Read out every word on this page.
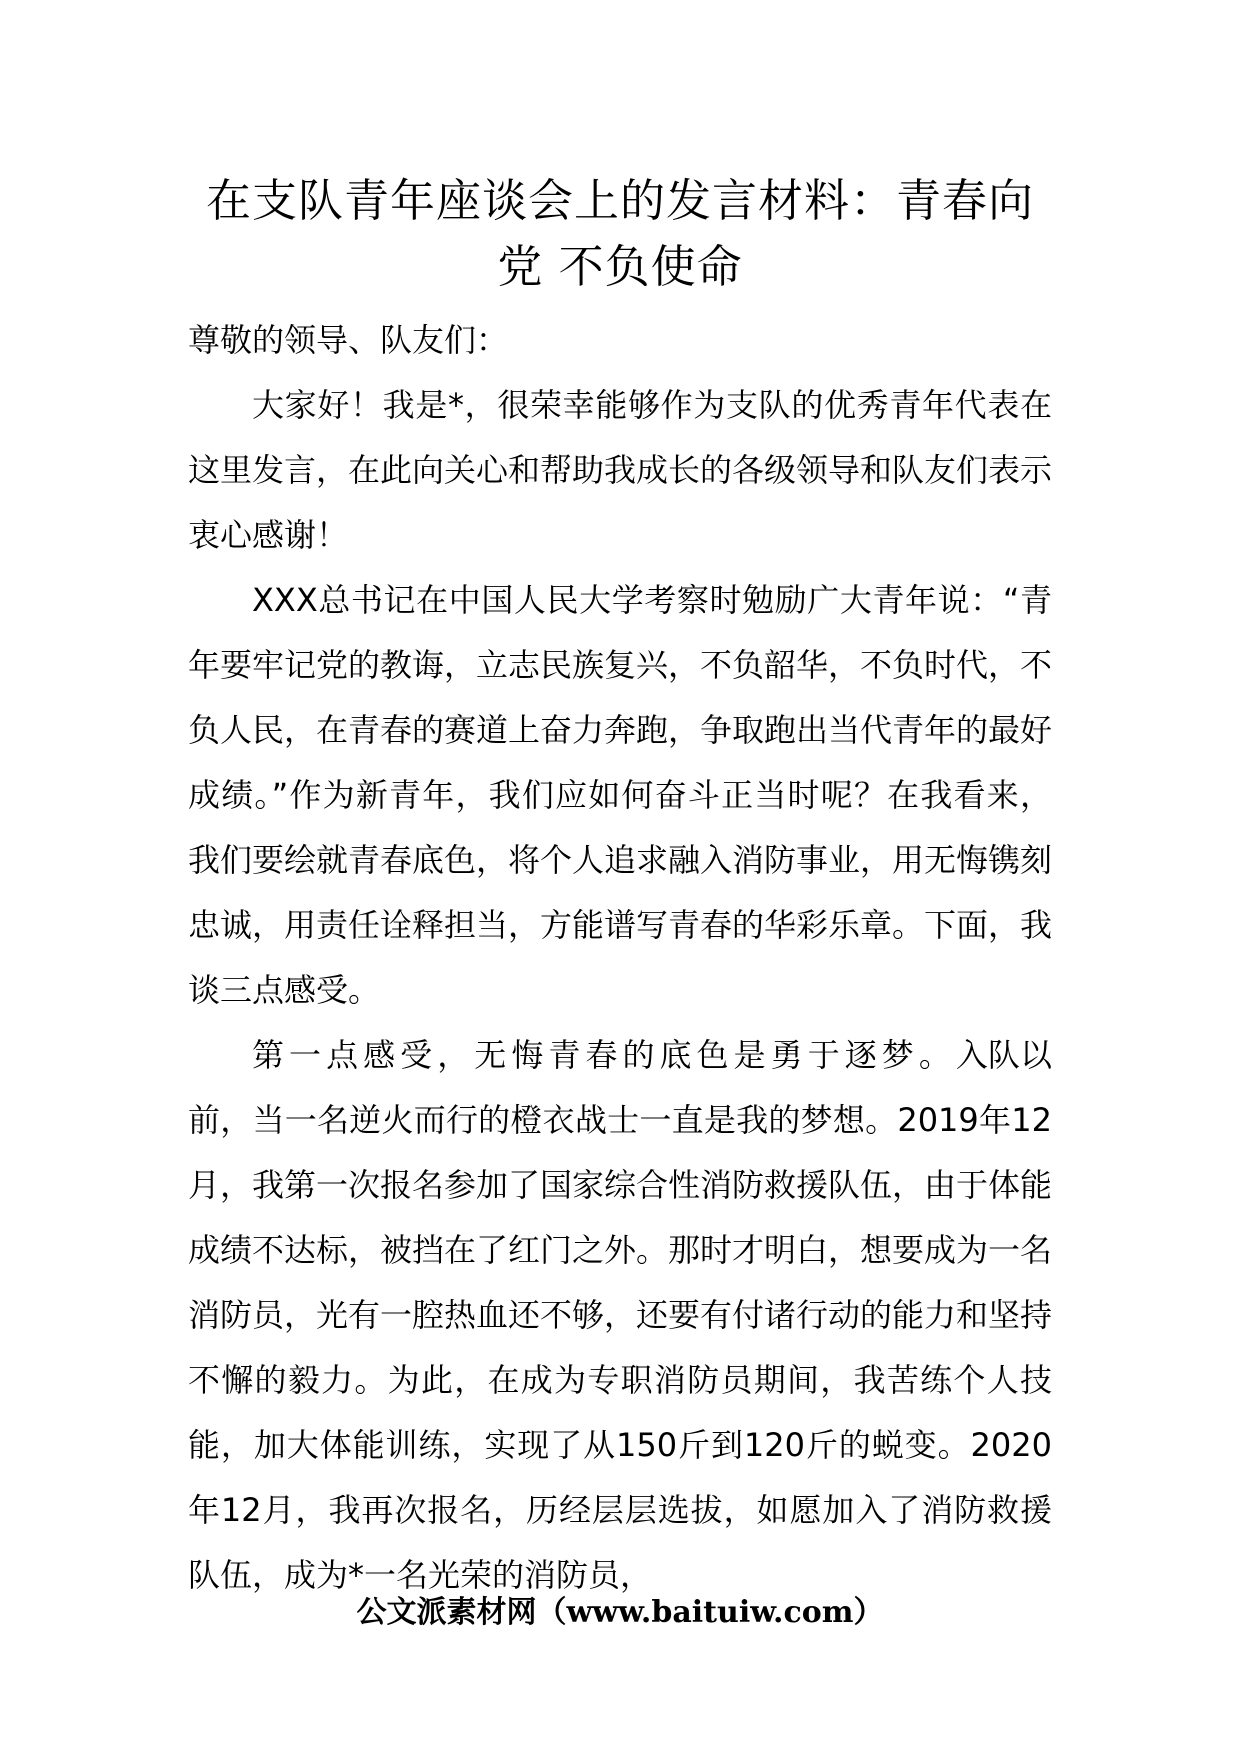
在支队青年座谈会上的发言材料：青春向党 不负使命

尊敬的领导、队友们：

大家好！我是*，很荣幸能够作为支队的优秀青年代表在这里发言，在此向关心和帮助我成长的各级领导和队友们表示衷心感谢！

XXX总书记在中国人民大学考察时勉励广大青年说：“青年要牢记党的教诲，立志民族复兴，不负韶华，不负时代，不负人民，在青春的赛道上奋力奔跑，争取跑出当代青年的最好成绩。”作为新青年，我们应如何奋斗正当时呢？在我看来，我们要绘就青春底色，将个人追求融入消防事业，用无悔镌刻忠诚，用责任诠释担当，方能谱写青春的华彩乐章。下面，我谈三点感受。

第一点感受，无悔青春的底色是勇于逐梦。入队以前，当一名逆火而行的橙衣战士一直是我的梦想。2019年12月，我第一次报名参加了国家综合性消防救援队伍，由于体能成绩不达标，被挡在了红门之外。那时才明白，想要成为一名消防员，光有一腔热血还不够，还要有付诸行动的能力和坚持不懈的毅力。为此，在成为专职消防员期间，我苦练个人技能，加大体能训练，实现了从150斤到120斤的蜕变。2020年12月，我再次报名，历经层层选拔，如愿加入了消防救援队伍，成为*一名光荣的消防员，

公文派素材网（www.baituiw.com）
